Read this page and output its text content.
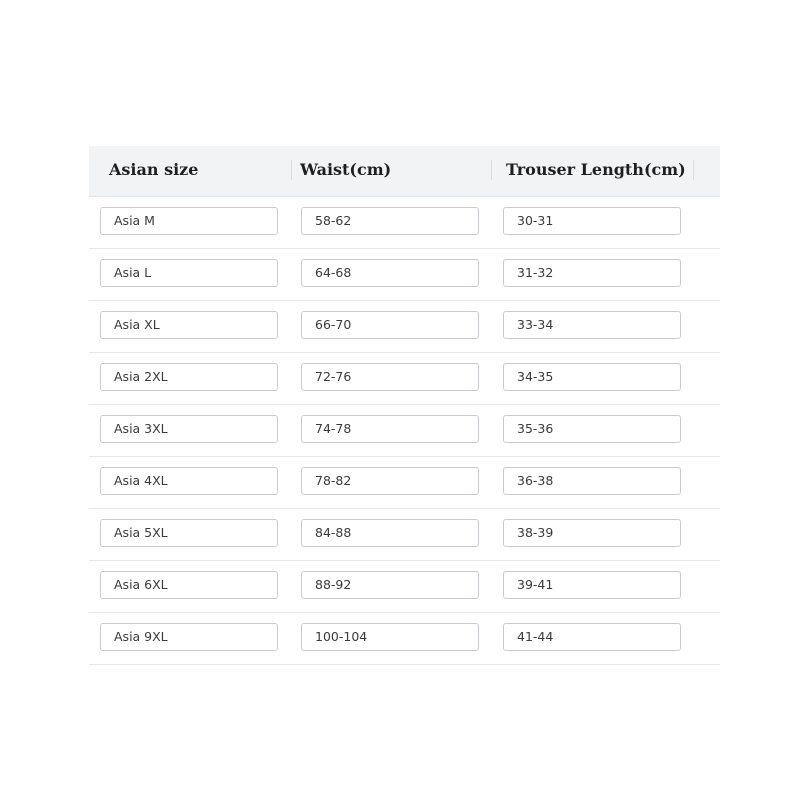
Asian size	Waist(cm)	Trouser Length(cm)
Asia M	58-62	30-31
Asia L	64-68	31-32
Asia XL	66-70	33-34
Asia 2XL	72-76	34-35
Asia 3XL	74-78	35-36
Asia 4XL	78-82	36-38
Asia 5XL	84-88	38-39
Asia 6XL	88-92	39-41
Asia 9XL	100-104	41-44
